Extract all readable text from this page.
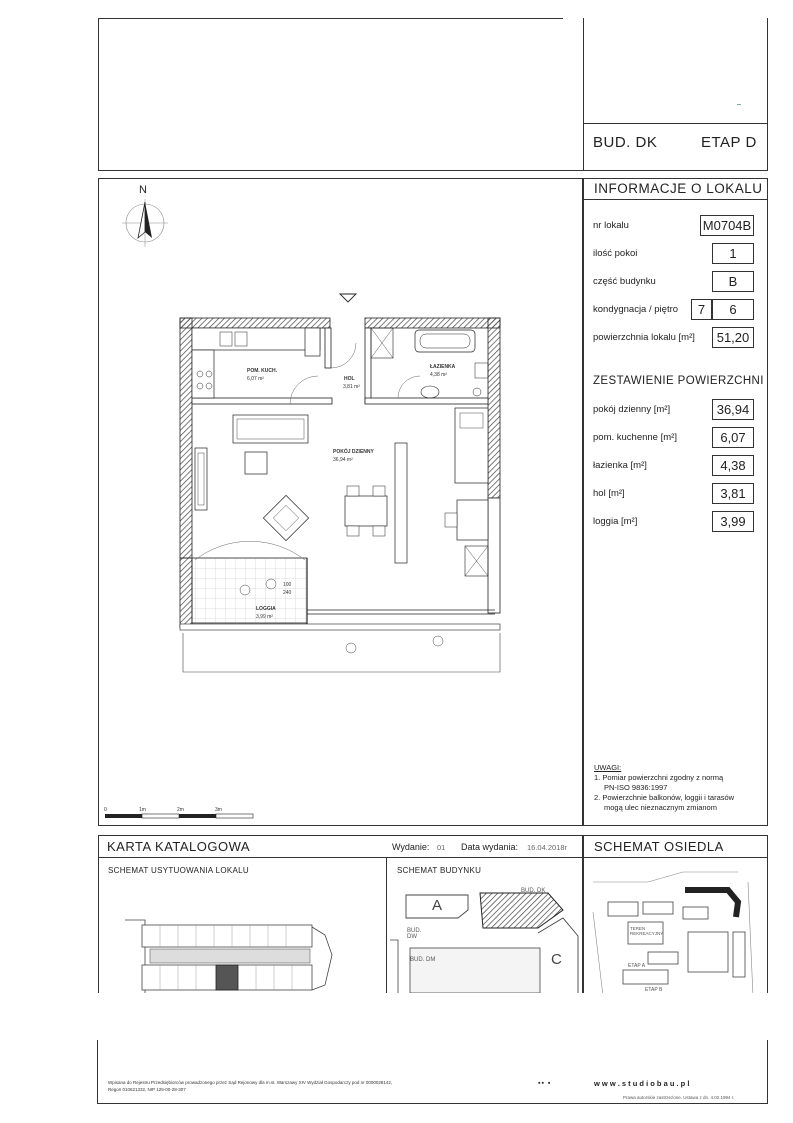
BUD. DK	ETAP D
INFORMACJE O LOKALU
nr lokalu	M0704B
ilość pokoi	1
część budynku	B
kondygnacja / piętro	7	6
powierzchnia lokalu [m²]	51,20
ZESTAWIENIE POWIERZCHNI
pokój dzienny [m²]	36,94
pom. kuchenne [m²]	6,07
łazienka [m²]	4,38
hol [m²]	3,81
loggia [m²]	3,99
UWAGI:
1. Pomiar powierzchni zgodny z normą
PN-ISO 9836:1997
2. Powierzchnie balkonów, loggii i tarasów
mogą ulec nieznacznym zmianom
N
POM. KUCH.
6,07 m²	HOL
3,81 m²
ŁAZIENKA
4,38 m²
POKÓJ DZIENNY
36,94 m²
LOGGIA
3,99 m²
100
240
0	1m	2m	3m
KARTA KATALOGOWA	Wydanie: 01 Data wydania: 16.04.2018r
SCHEMAT USYTUOWANIA LOKALU	SCHEMAT BUDYNKU
BUD. DK
A
BUD. DW
BUD. DM	C
SCHEMAT OSIEDLA
BUD. DK
TEREN REKREACYJNY
ETAP B
ETAP A
Wpisana do Rejestru Przedsiębiorców prowadzonego przez Sąd Rejonowy dla m.st. Warszawy XIV Wydział Gospodarczy pod nr 0000028142,
Regon 010621332, NIP 125-00-28-307
▪▪ ▪	w w w . s t u d i o b a u . p l
Prawa autorskie zastrzeżone. Ustawa z dn. 4.02.1994 r.
